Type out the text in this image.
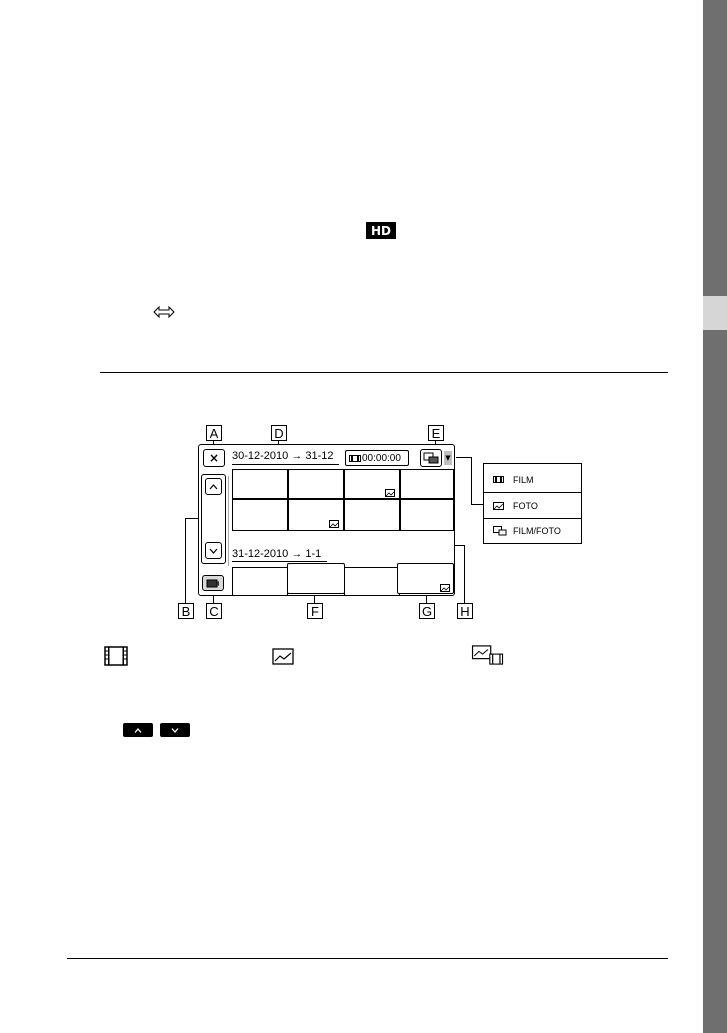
HD
A	D	E
B C	F	G H
×	30-12-2010 → 31-12	00:00:00	▼
31-12-2010 → 1-1
FILM
FOTO
FILM/FOTO
